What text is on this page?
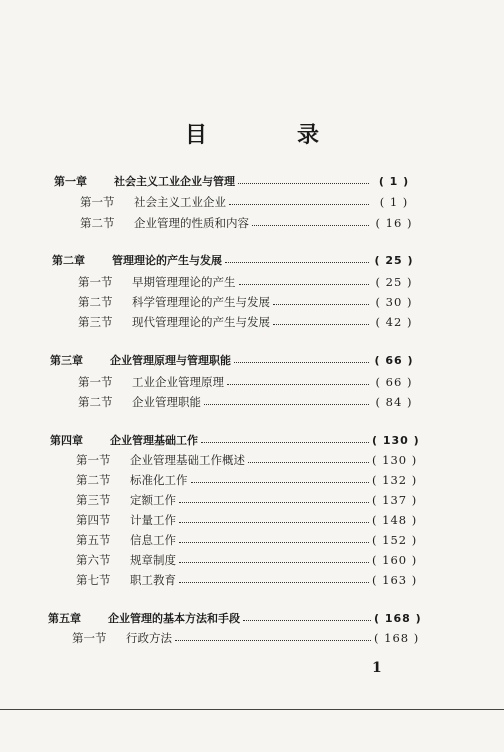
目　录
第一章	社会主义工业企业与管理	( 1 )
第一节	社会主义工业企业	( 1 )
第二节	企业管理的性质和内容	( 16 )
第二章	管理理论的产生与发展	( 25 )
第一节	早期管理理论的产生	( 25 )
第二节	科学管理理论的产生与发展	( 30 )
第三节	现代管理理论的产生与发展	( 42 )
第三章	企业管理原理与管理职能	( 66 )
第一节	工业企业管理原理	( 66 )
第二节	企业管理职能	( 84 )
第四章	企业管理基础工作	( 130 )
第一节	企业管理基础工作概述	( 130 )
第二节	标准化工作	( 132 )
第三节	定额工作	( 137 )
第四节	计量工作	( 148 )
第五节	信息工作	( 152 )
第六节	规章制度	( 160 )
第七节	职工教育	( 163 )
第五章	企业管理的基本方法和手段	( 168 )
第一节	行政方法	( 168 )
1
